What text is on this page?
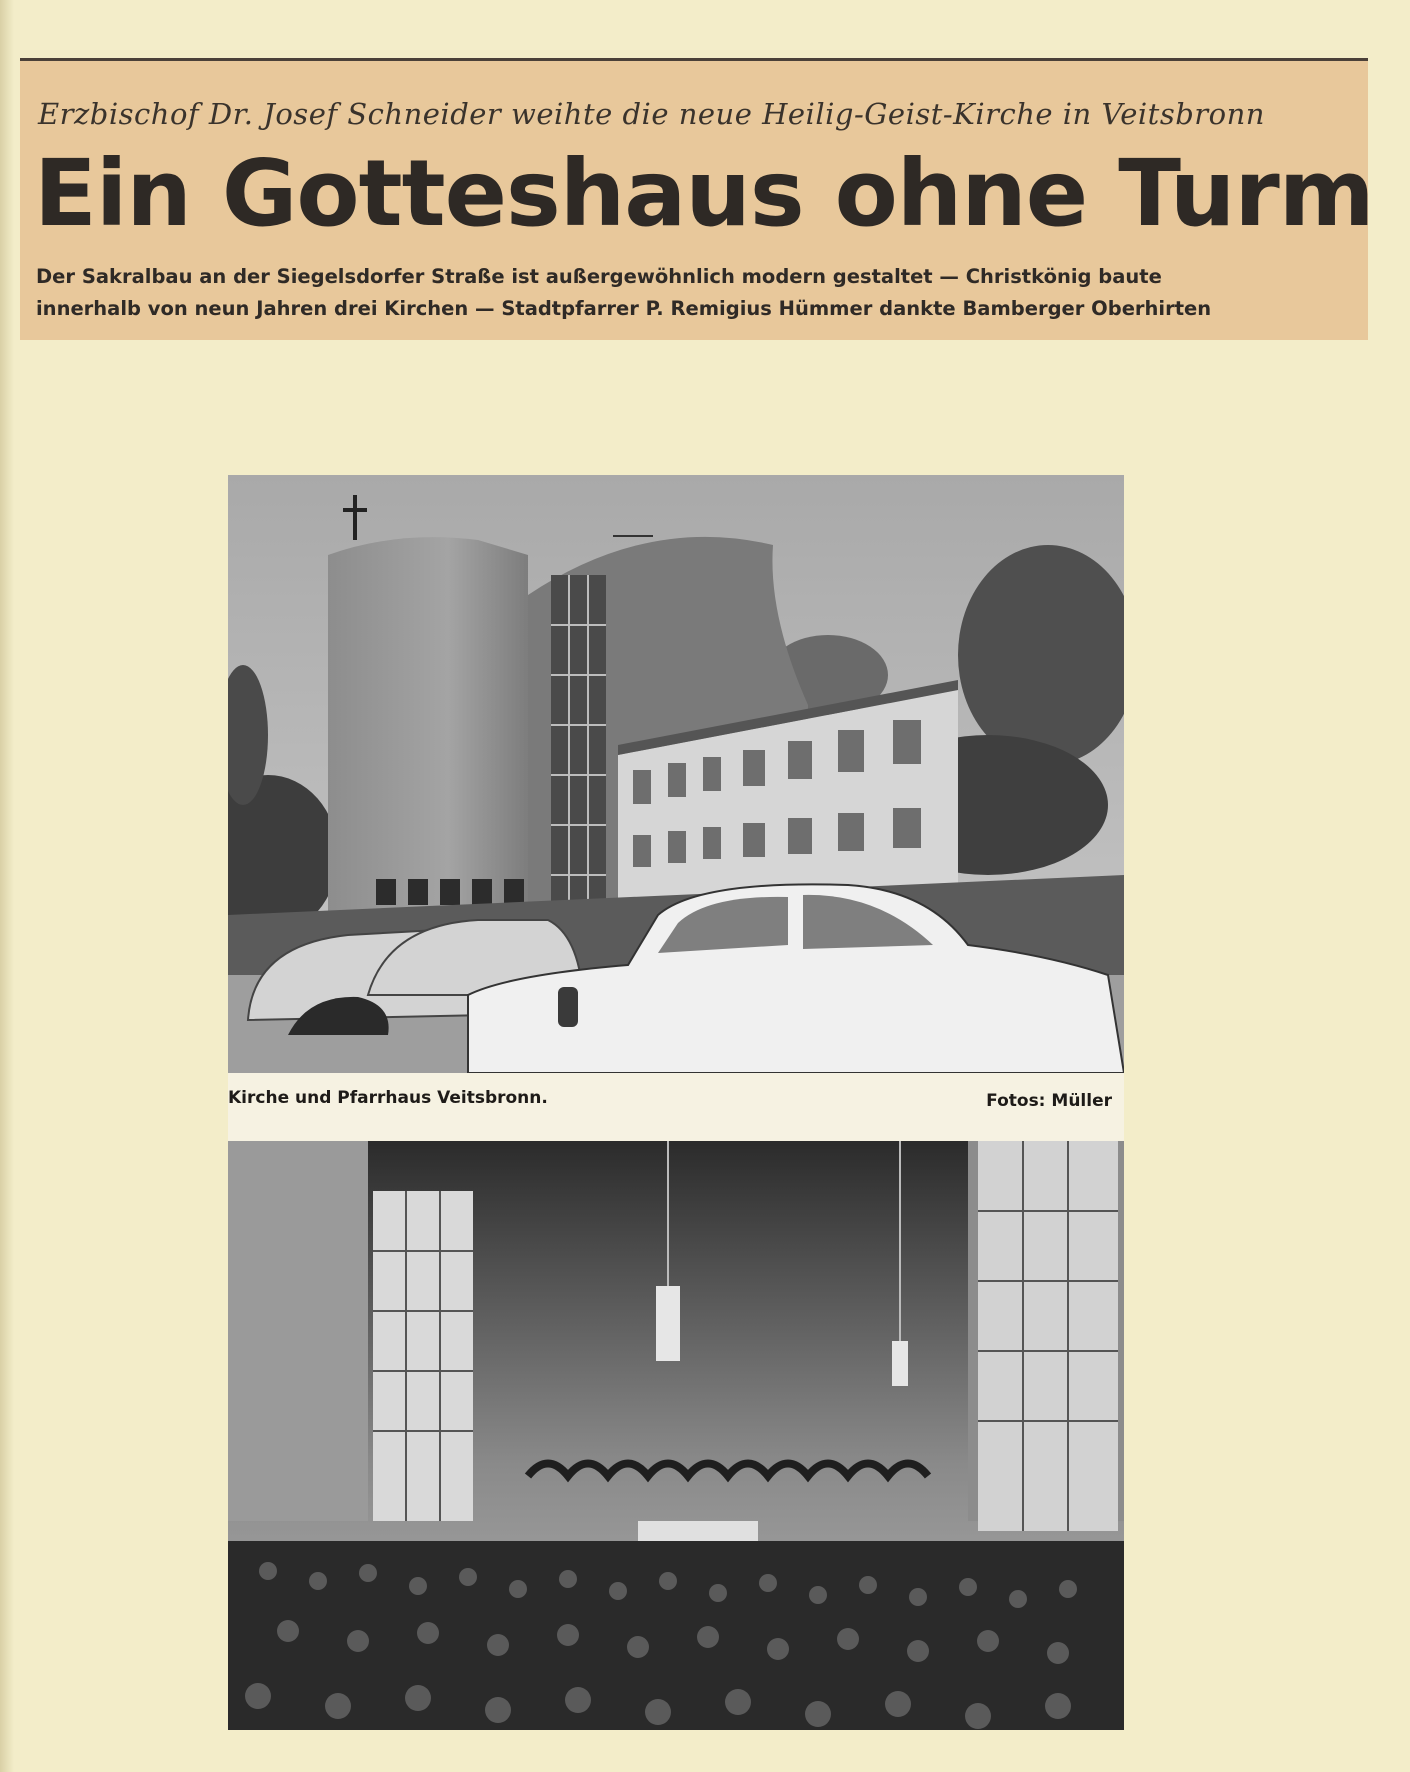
Erzbischof Dr. Josef Schneider weihte die neue Heilig-Geist-Kirche in Veitsbronn
Ein Gotteshaus ohne Turm
Der Sakralbau an der Siegelsdorfer Straße ist außergewöhnlich modern gestaltet — Christkönig baute
innerhalb von neun Jahren drei Kirchen — Stadtpfarrer P. Remigius Hümmer dankte Bamberger Oberhirten
Kirche und Pfarrhaus Veitsbronn.	Fotos: Müller
